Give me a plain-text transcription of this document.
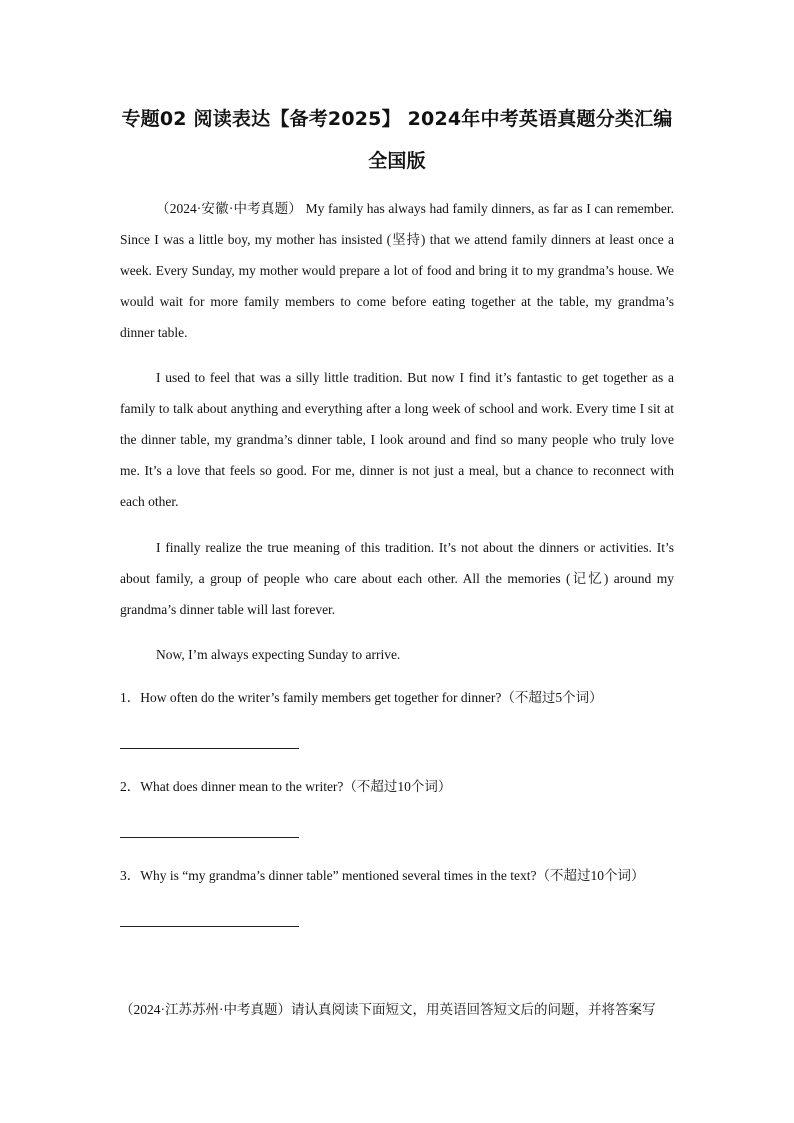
专题02 阅读表达【备考2025】 2024年中考英语真题分类汇编
全国版
（2024·安徽·中考真题） My family has always had family dinners, as far as I can remember. Since I was a little boy, my mother has insisted (坚持) that we attend family dinners at least once a week. Every Sunday, my mother would prepare a lot of food and bring it to my grandma’s house. We would wait for more family members to come before eating together at the table, my grandma’s dinner table.
I used to feel that was a silly little tradition. But now I find it’s fantastic to get together as a family to talk about anything and everything after a long week of school and work. Every time I sit at the dinner table, my grandma’s dinner table, I look around and find so many people who truly love me. It’s a love that feels so good. For me, dinner is not just a meal, but a chance to reconnect with each other.
I finally realize the true meaning of this tradition. It’s not about the dinners or activities. It’s about family, a group of people who care about each other. All the memories (记忆) around my grandma’s dinner table will last forever.
Now, I’m always expecting Sunday to arrive.
1．How often do the writer’s family members get together for dinner?（不超过5个词）
2．What does dinner mean to the writer?（不超过10个词）
3．Why is “my grandma’s dinner table” mentioned several times in the text?（不超过10个词）
（2024·江苏苏州·中考真题）请认真阅读下面短文，用英语回答短文后的问题，并将答案写
